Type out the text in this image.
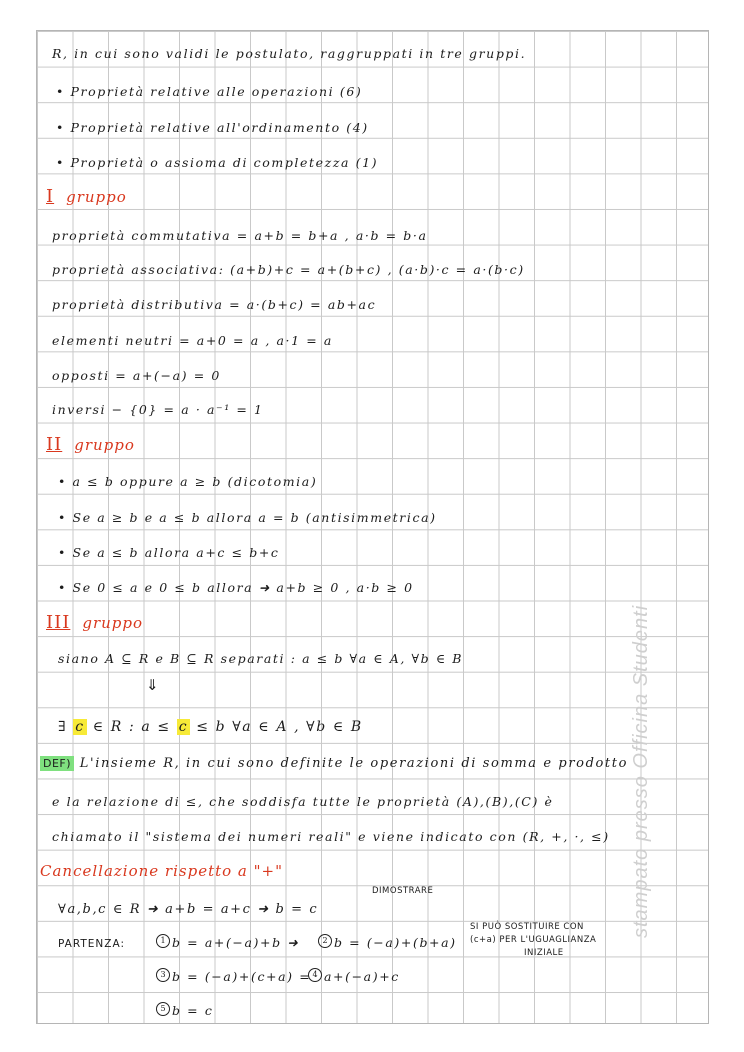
R, in cui sono validi le postulato, raggruppati in tre gruppi.
• Proprietà relative alle operazioni (6)
• Proprietà relative all'ordinamento (4)
• Proprietà o assioma di completezza (1)
I gruppo
proprietà commutativa = a+b = b+a , a·b = b·a
proprietà associativa: (a+b)+c = a+(b+c) , (a·b)·c = a·(b·c)
proprietà distributiva = a·(b+c) = ab+ac
elementi neutri = a+0 = a , a·1 = a
opposti = a+(−a) = 0
inversi − {0} = a · a⁻¹ = 1
II gruppo
• a ≤ b oppure a ≥ b (dicotomia)
• Se a ≥ b e a ≤ b allora a = b (antisimmetrica)
• Se a ≤ b allora a+c ≤ b+c
• Se 0 ≤ a e 0 ≤ b allora ➜ a+b ≥ 0 , a·b ≥ 0
III gruppo
siano A ⊆ R e B ⊆ R separati : a ≤ b ∀a ∈ A, ∀b ∈ B
⇓
∃ c ∈ R : a ≤ c ≤ b ∀a ∈ A , ∀b ∈ B
DEF) L'insieme R, in cui sono definite le operazioni di somma e prodotto
e la relazione di ≤, che soddisfa tutte le proprietà (A),(B),(C) è
chiamato il "sistema dei numeri reali" e viene indicato con (R, +, ·, ≤)
Cancellazione rispetto a "+"
DIMOSTRARE
∀a,b,c ∈ R ➜ a+b = a+c ➜ b = c
PARTENZA:	1 b = a+(−a)+b ➜	2 b = (−a)+(b+a)
SI PUÒ SOSTITUIRE CON
(c+a) PER L'UGUAGLIANZA
INIZIALE
3 b = (−a)+(c+a) = 4 a+(−a)+c
5 b = c
stampato presso Officina Studenti
